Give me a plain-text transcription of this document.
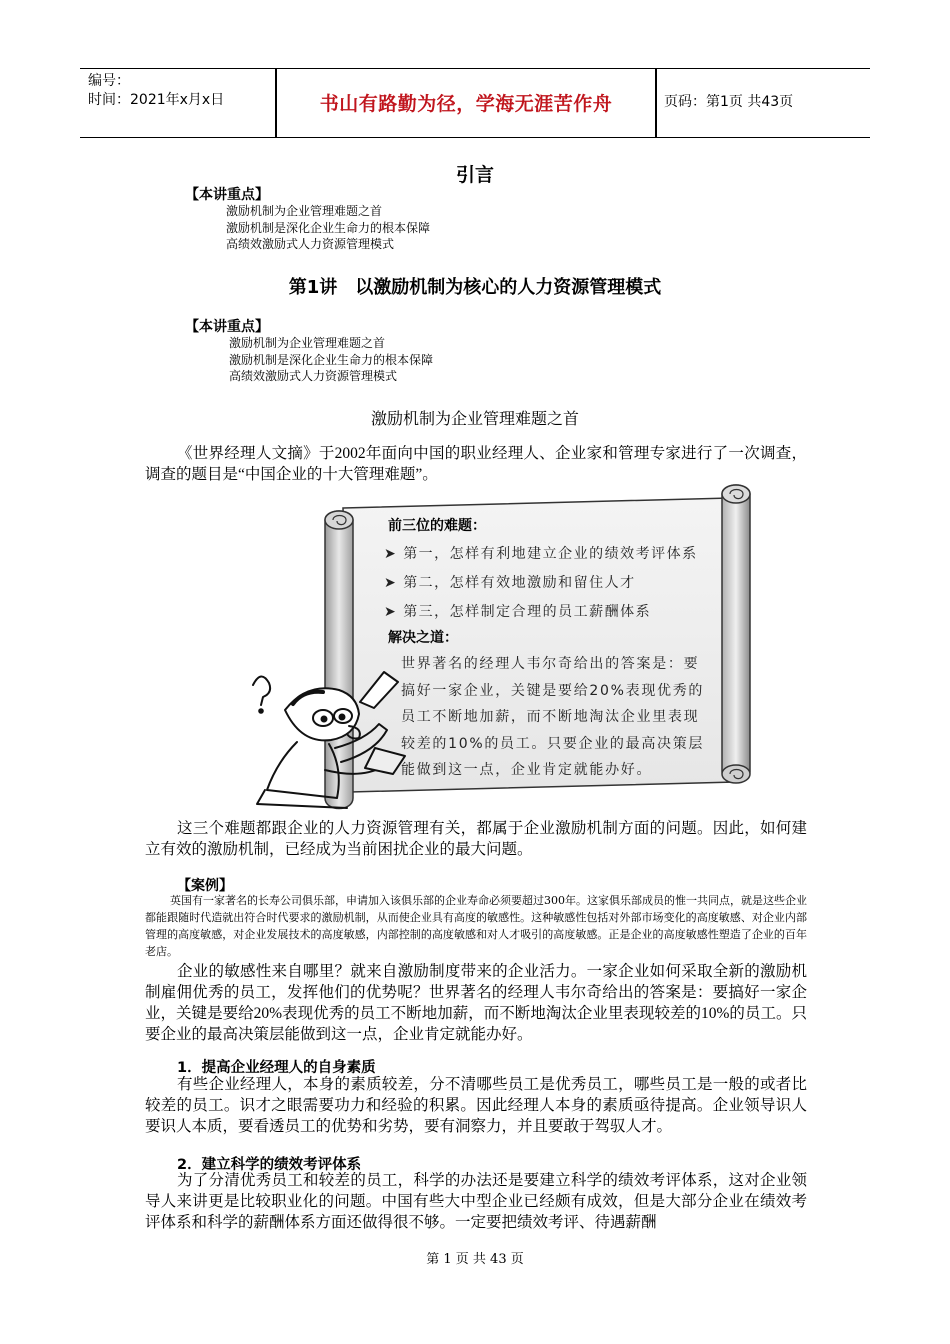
编号：
时间：2021年x月x日	书山有路勤为径，学海无涯苦作舟	页码：第1页 共43页
引言
【本讲重点】
激励机制为企业管理难题之首
激励机制是深化企业生命力的根本保障
高绩效激励式人力资源管理模式
第1讲　以激励机制为核心的人力资源管理模式
【本讲重点】
激励机制为企业管理难题之首
激励机制是深化企业生命力的根本保障
高绩效激励式人力资源管理模式
激励机制为企业管理难题之首
《世界经理人文摘》于2002年面向中国的职业经理人、企业家和管理专家进行了一次调查，调查的题目是“中国企业的十大管理难题”。
前三位的难题：
➤ 第一，怎样有利地建立企业的绩效考评体系
➤ 第二，怎样有效地激励和留住人才
➤ 第三，怎样制定合理的员工薪酬体系
解决之道：
世界著名的经理人韦尔奇给出的答案是：要
搞好一家企业，关键是要给20%表现优秀的
员工不断地加薪，而不断地淘汰企业里表现
较差的10%的员工。只要企业的最高决策层
能做到这一点，企业肯定就能办好。
这三个难题都跟企业的人力资源管理有关，都属于企业激励机制方面的问题。因此，如何建立有效的激励机制，已经成为当前困扰企业的最大问题。
【案例】
英国有一家著名的长寿公司俱乐部，申请加入该俱乐部的企业寿命必须要超过300年。这家俱乐部成员的惟一共同点，就是这些企业都能跟随时代造就出符合时代要求的激励机制，从而使企业具有高度的敏感性。这种敏感性包括对外部市场变化的高度敏感、对企业内部管理的高度敏感，对企业发展技术的高度敏感，内部控制的高度敏感和对人才吸引的高度敏感。正是企业的高度敏感性塑造了企业的百年老店。
企业的敏感性来自哪里？就来自激励制度带来的企业活力。一家企业如何采取全新的激励机制雇佣优秀的员工，发挥他们的优势呢？世界著名的经理人韦尔奇给出的答案是：要搞好一家企业，关键是要给20%表现优秀的员工不断地加薪，而不断地淘汰企业里表现较差的10%的员工。只要企业的最高决策层能做到这一点，企业肯定就能办好。
1．提高企业经理人的自身素质
有些企业经理人，本身的素质较差，分不清哪些员工是优秀员工，哪些员工是一般的或者比较差的员工。识才之眼需要功力和经验的积累。因此经理人本身的素质亟待提高。企业领导识人要识人本质，要看透员工的优势和劣势，要有洞察力，并且要敢于驾驭人才。
2．建立科学的绩效考评体系
为了分清优秀员工和较差的员工，科学的办法还是要建立科学的绩效考评体系，这对企业领导人来讲更是比较职业化的问题。中国有些大中型企业已经颇有成效，但是大部分企业在绩效考评体系和科学的薪酬体系方面还做得很不够。一定要把绩效考评、待遇薪酬
第 1 页 共 43 页
